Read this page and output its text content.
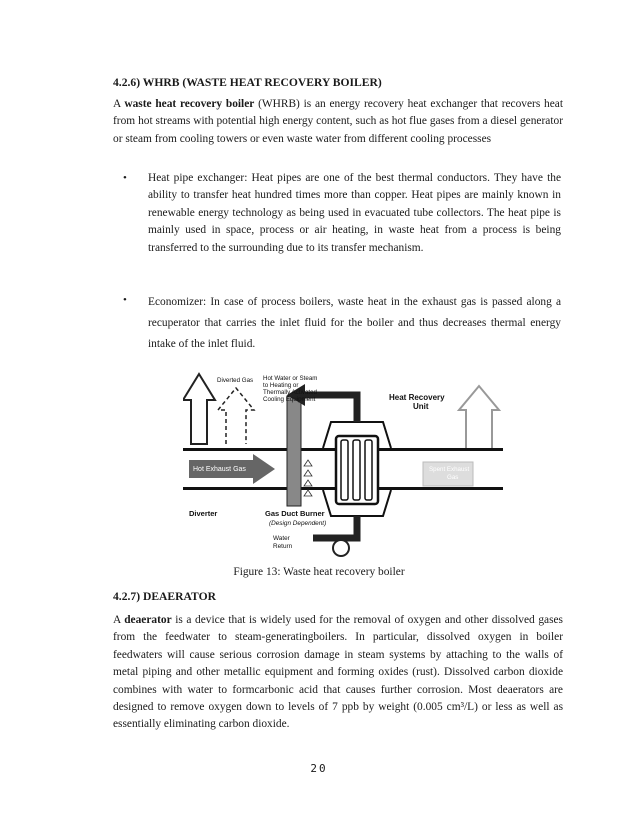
4.2.6) WHRB (WASTE HEAT RECOVERY BOILER)

A waste heat recovery boiler (WHRB) is an energy recovery heat exchanger that recovers heat from hot streams with potential high energy content, such as hot flue gases from a diesel generator or steam from cooling towers or even waste water from different cooling processes

• Heat pipe exchanger: Heat pipes are one of the best thermal conductors. They have the ability to transfer heat hundred times more than copper. Heat pipes are mainly known in renewable energy technology as being used in evacuated tube collectors. The heat pipe is mainly used in space, process or air heating, in waste heat from a process is being transferred to the surrounding due to its transfer mechanism.

• Economizer: In case of process boilers, waste heat in the exhaust gas is passed along a recuperator that carries the inlet fluid for the boiler and thus decreases thermal energy intake of the inlet fluid.

Diverted Gas Hot Water or Steam
to Heating or
Thermally Activated
Cooling Equipment	Heat Recovery
Unit
Hot Exhaust Gas	Spent Exhaust
Gas
Diverter	Gas Duct Burner
(Design Dependent)
Water
Return
Figure 13: Waste heat recovery boiler
4.2.7) DEAERATOR

A deaerator is a device that is widely used for the removal of oxygen and other dissolved gases from the feedwater to steam-generatingboilers. In particular, dissolved oxygen in boiler feedwaters will cause serious corrosion damage in steam systems by attaching to the walls of metal piping and other metallic equipment and forming oxides (rust). Dissolved carbon dioxide combines with water to formcarbonic acid that causes further corrosion. Most deaerators are designed to remove oxygen down to levels of 7 ppb by weight (0.005 cm³/L) or less as well as essentially eliminating carbon dioxide.

20
